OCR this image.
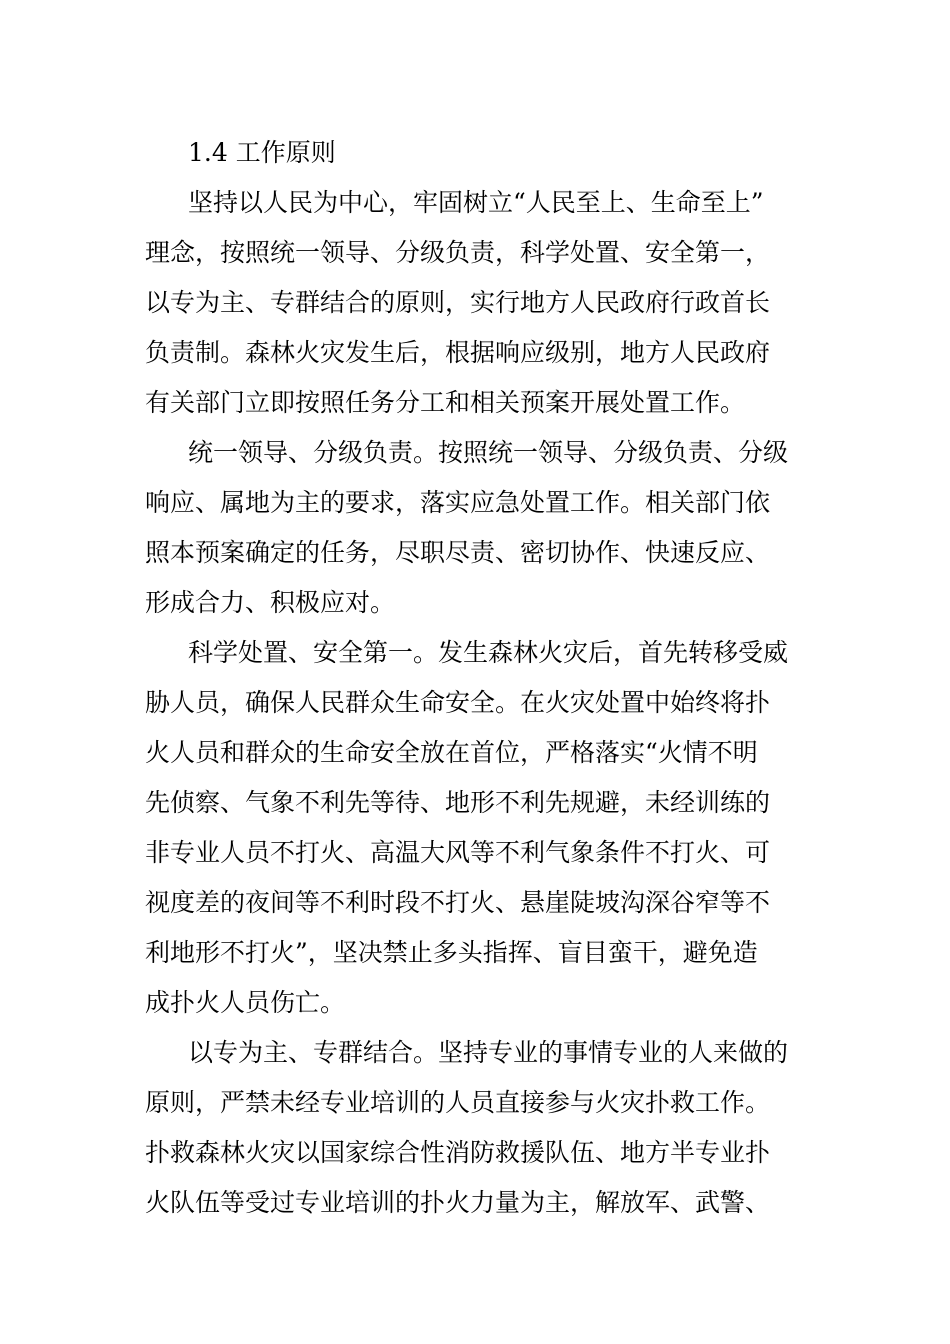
1.4 工作原则
坚持以人民为中心，牢固树立“人民至上、生命至上”
理念，按照统一领导、分级负责，科学处置、安全第一，
以专为主、专群结合的原则，实行地方人民政府行政首长
负责制。森林火灾发生后，根据响应级别，地方人民政府
有关部门立即按照任务分工和相关预案开展处置工作。
统一领导、分级负责。按照统一领导、分级负责、分级
响应、属地为主的要求，落实应急处置工作。相关部门依
照本预案确定的任务，尽职尽责、密切协作、快速反应、
形成合力、积极应对。
科学处置、安全第一。发生森林火灾后，首先转移受威
胁人员，确保人民群众生命安全。在火灾处置中始终将扑
火人员和群众的生命安全放在首位，严格落实“火情不明
先侦察、气象不利先等待、地形不利先规避，未经训练的
非专业人员不打火、高温大风等不利气象条件不打火、可
视度差的夜间等不利时段不打火、悬崖陡坡沟深谷窄等不
利地形不打火”，坚决禁止多头指挥、盲目蛮干，避免造
成扑火人员伤亡。
以专为主、专群结合。坚持专业的事情专业的人来做的
原则，严禁未经专业培训的人员直接参与火灾扑救工作。
扑救森林火灾以国家综合性消防救援队伍、地方半专业扑
火队伍等受过专业培训的扑火力量为主，解放军、武警、
